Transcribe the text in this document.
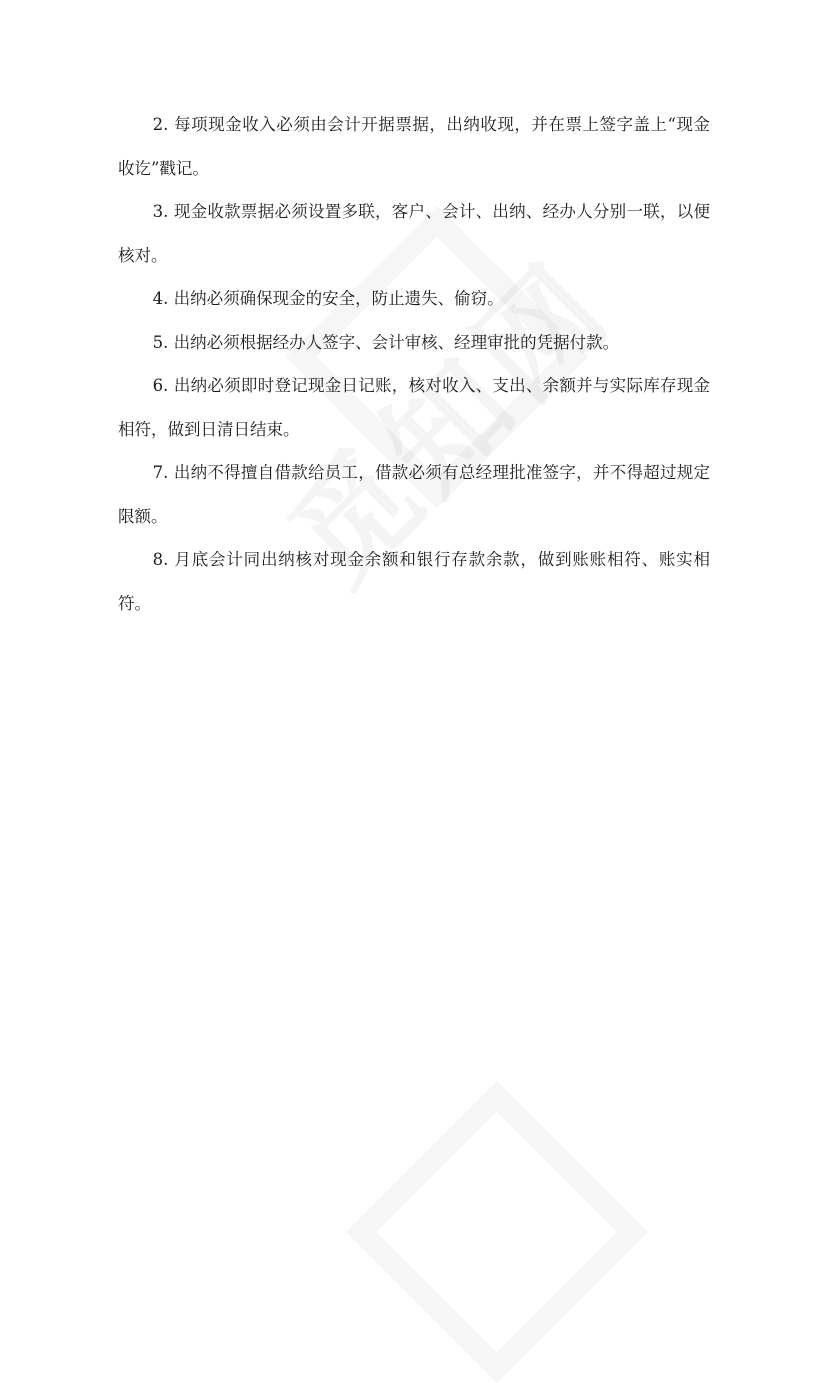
2. 每项现金收入必须由会计开据票据，出纳收现，并在票上签字盖上“现金收讫”戳记。

3. 现金收款票据必须设置多联，客户、会计、出纳、经办人分别一联，以便核对。

4. 出纳必须确保现金的安全，防止遗失、偷窃。

5. 出纳必须根据经办人签字、会计审核、经理审批的凭据付款。

6. 出纳必须即时登记现金日记账，核对收入、支出、余额并与实际库存现金相符，做到日清日结束。

7. 出纳不得擅自借款给员工，借款必须有总经理批准签字，并不得超过规定限额。

8. 月底会计同出纳核对现金余额和银行存款余款，做到账账相符、账实相符。
